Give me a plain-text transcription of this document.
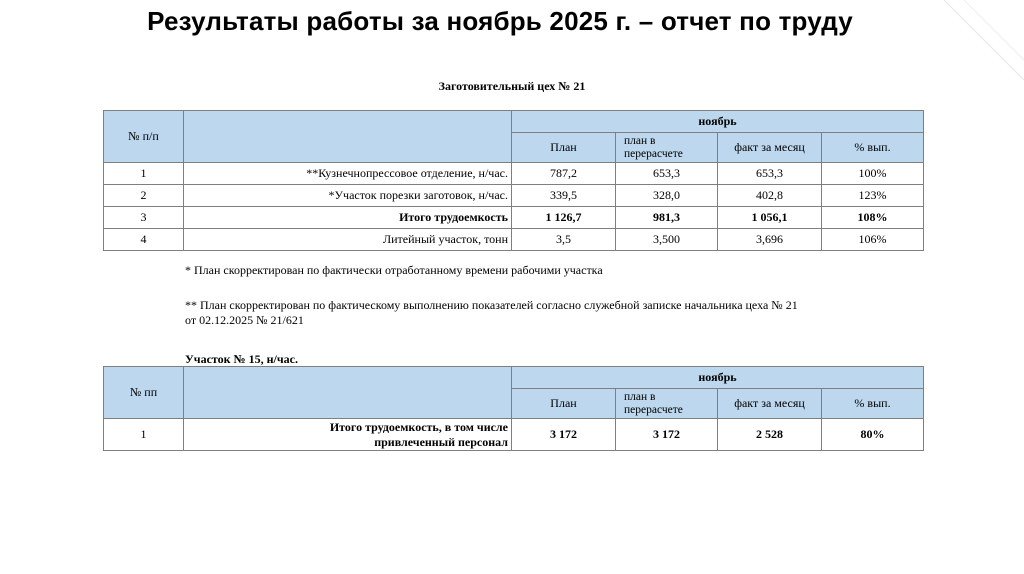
Результаты работы за ноябрь 2025 г. – отчет по труду
Заготовительный цех № 21
№ п/п		ноябрь			
		План	план в перерасчете	факт за месяц	% вып.
1	**Кузнечнопрессовое отделение, н/час.	787,2	653,3	653,3	100%
2	*Участок порезки заготовок, н/час.	339,5	328,0	402,8	123%
3	Итого трудоемкость	1 126,7	981,3	1 056,1	108%
4	Литейный участок, тонн	3,5	3,500	3,696	106%
* План скорректирован по фактически отработанному времени рабочими участка
** План скорректирован по фактическому выполнению показателей согласно служебной записке начальника цеха № 21
от 02.12.2025 № 21/621
Участок № 15, н/час.
№ пп		ноябрь			
		План	план в перерасчете	факт за месяц	% вып.
1	Итого трудоемкость, в том числе привлеченный персонал	3 172	3 172	2 528	80%
